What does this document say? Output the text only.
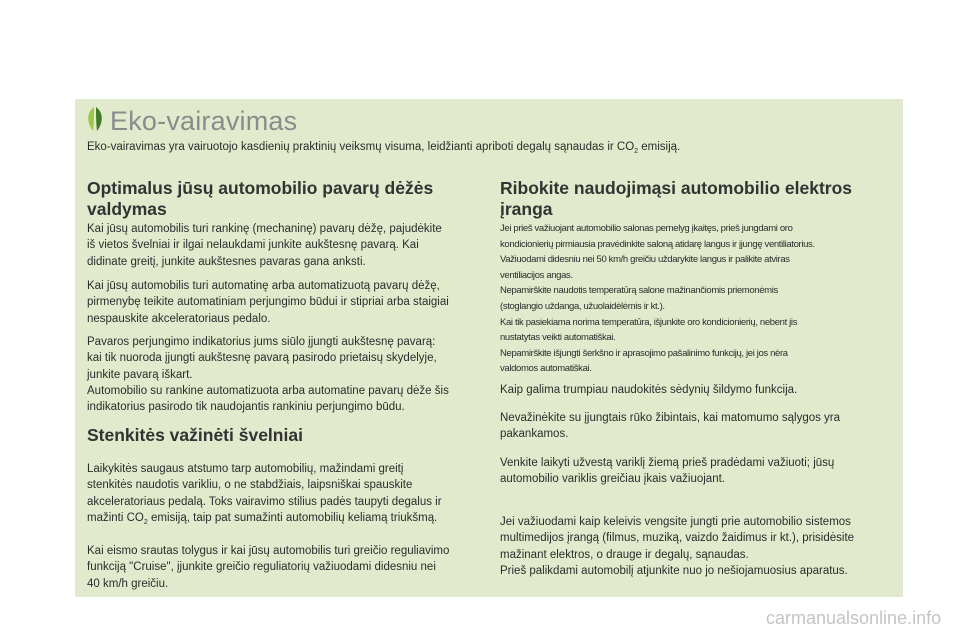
Eko-vairavimas

Eko-vairavimas yra vairuotojo kasdienių praktinių veiksmų visuma, leidžianti apriboti degalų sąnaudas ir $CO_2$ emisiją.

Optimalus jūsų automobilio pavarų dėžės
valdymas

Kai jūsų automobilis turi rankinę (mechaninę) pavarų dėžę, pajudėkite
iš vietos švelniai ir ilgai nelaukdami junkite aukštesnę pavarą. Kai
didinate greitį, junkite aukštesnes pavaras gana anksti.

Kai jūsų automobilis turi automatinę arba automatizuotą pavarų dėžę,
pirmenybę teikite automatiniam perjungimo būdui ir stipriai arba staigiai
nespauskite akceleratoriaus pedalo.

Pavaros perjungimo indikatorius jums siūlo įjungti aukštesnę pavarą:
kai tik nuoroda įjungti aukštesnę pavarą pasirodo prietaisų skydelyje,
junkite pavarą iškart.
Automobilio su rankine automatizuota arba automatine pavarų dėže šis
indikatorius pasirodo tik naudojantis rankiniu perjungimo būdu.

Stenkitės važinėti švelniai

Laikykitės saugaus atstumo tarp automobilių, mažindami greitį
stenkitės naudotis varikliu, o ne stabdžiais, laipsniškai spauskite
akceleratoriaus pedalą. Toks vairavimo stilius padės taupyti degalus ir
mažinti $CO_2$ emisiją, taip pat sumažinti automobilių keliamą triukšmą.

Kai eismo srautas tolygus ir kai jūsų automobilis turi greičio reguliavimo
funkciją "Cruise", įjunkite greičio reguliatorių važiuodami didesniu nei
40 km/h greičiu.

Ribokite naudojimąsi automobilio elektros
įranga

Jei prieš važiuojant automobilio salonas pernelyg įkaitęs, prieš jungdami oro
kondicionierių pirmiausia pravėdinkite saloną atidarę langus ir įjungę ventiliatorius.
Važiuodami didesniu nei 50 km/h greičiu uždarykite langus ir palikite atviras
ventiliacijos angas.
Nepamirškite naudotis temperatūrą salone mažinančiomis priemonėmis
(stoglangio uždanga, užuolaidėlėmis ir kt.).
Kai tik pasiekiama norima temperatūra, išjunkite oro kondicionierių, nebent jis
nustatytas veikti automatiškai.
Nepamirškite išjungti šerkšno ir aprasojimo pašalinimo funkcijų, jei jos nėra
valdomos automatiškai.

Kaip galima trumpiau naudokitės sėdynių šildymo funkcija.

Nevažinėkite su įjungtais rūko žibintais, kai matomumo sąlygos yra
pakankamos.

Venkite laikyti užvestą variklį žiemą prieš pradėdami važiuoti; jūsų
automobilio variklis greičiau įkais važiuojant.

Jei važiuodami kaip keleivis vengsite jungti prie automobilio sistemos
multimedijos įrangą (filmus, muziką, vaizdo žaidimus ir kt.), prisidėsite
mažinant elektros, o drauge ir degalų, sąnaudas.
Prieš palikdami automobilį atjunkite nuo jo nešiojamuosius aparatus.

carmanualsonline.info
